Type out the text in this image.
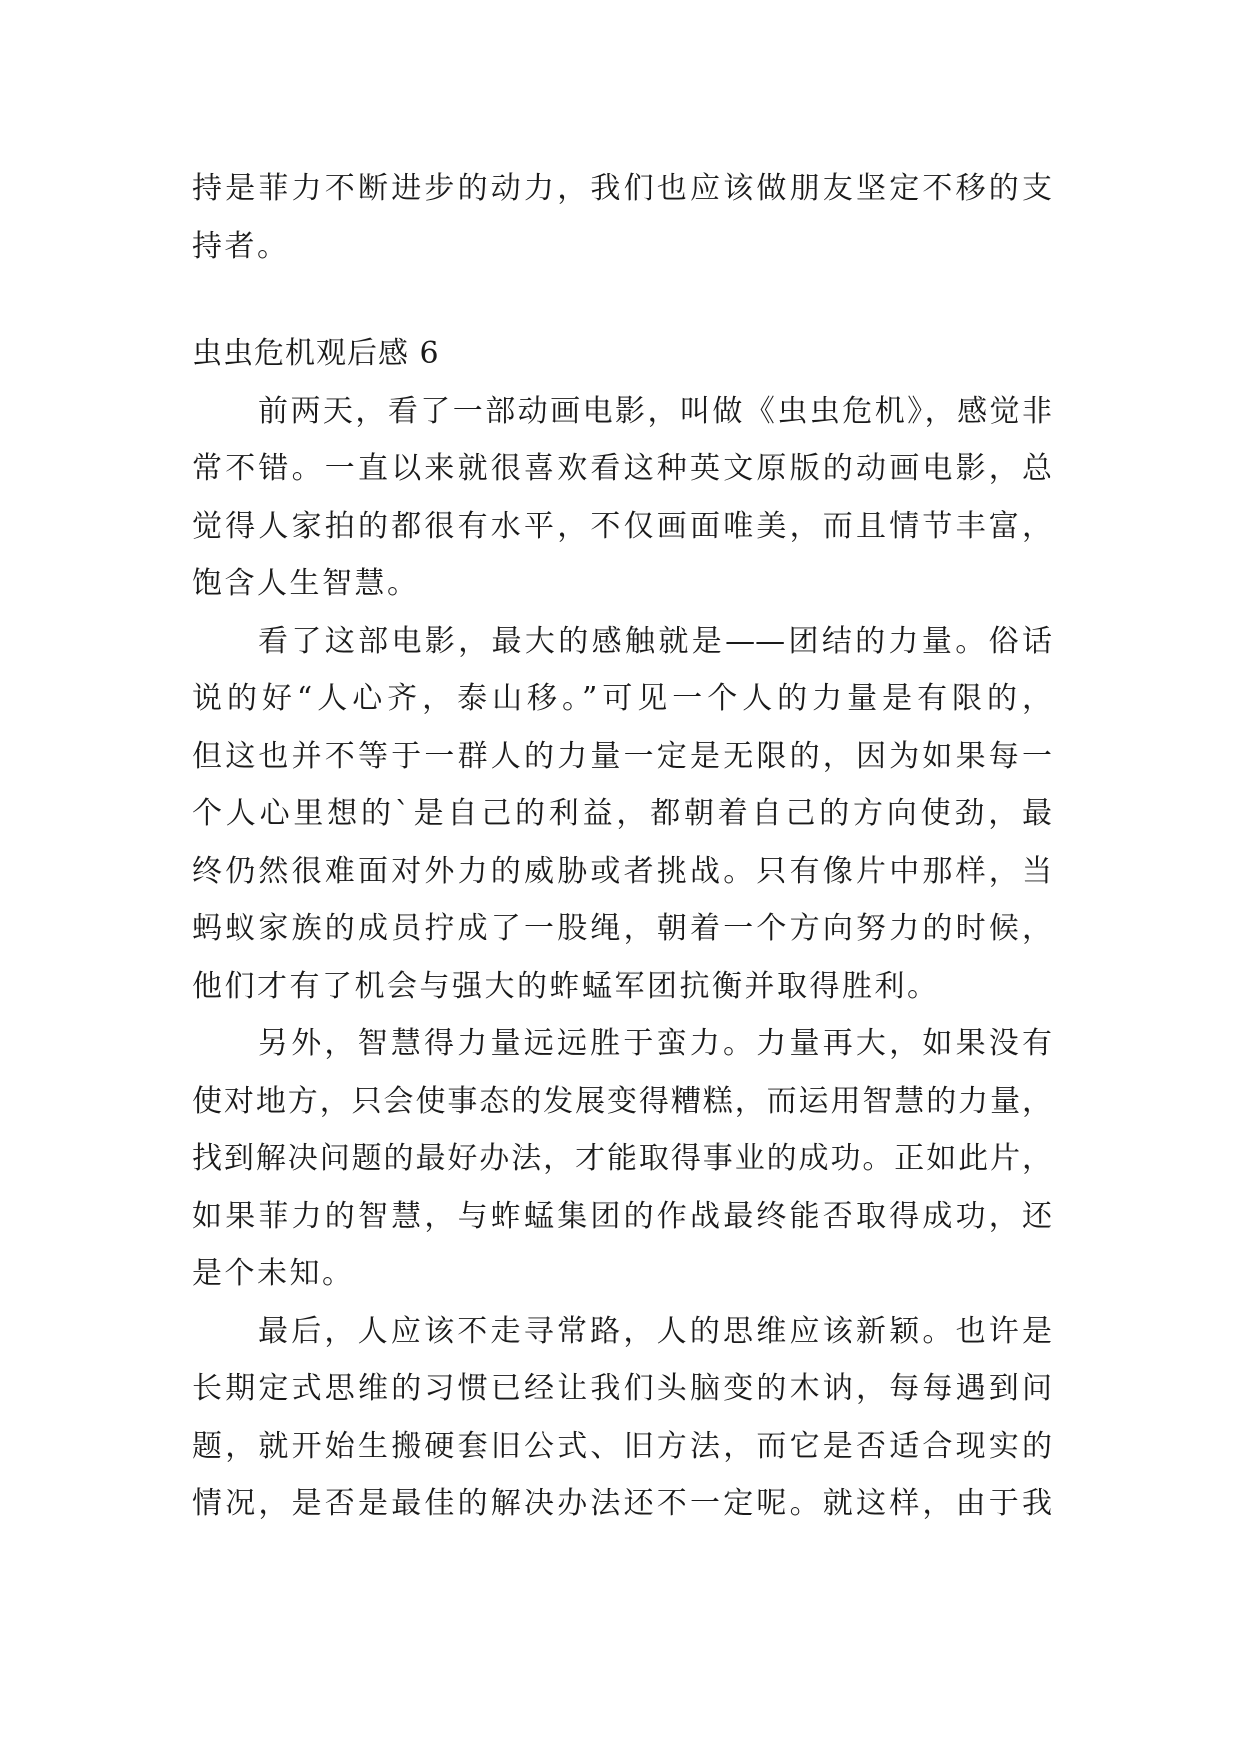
持是菲力不断进步的动力，我们也应该做朋友坚定不移的支
持者。
虫虫危机观后感 6
前两天，看了一部动画电影，叫做《虫虫危机》，感觉非
常不错。一直以来就很喜欢看这种英文原版的动画电影，总
觉得人家拍的都很有水平，不仅画面唯美，而且情节丰富，
饱含人生智慧。
看了这部电影，最大的感触就是——团结的力量。俗话
说的好“人心齐，泰山移。”可见一个人的力量是有限的，
但这也并不等于一群人的力量一定是无限的，因为如果每一
个人心里想的`是自己的利益，都朝着自己的方向使劲，最
终仍然很难面对外力的威胁或者挑战。只有像片中那样，当
蚂蚁家族的成员拧成了一股绳，朝着一个方向努力的时候，
他们才有了机会与强大的蚱蜢军团抗衡并取得胜利。
另外，智慧得力量远远胜于蛮力。力量再大，如果没有
使对地方，只会使事态的发展变得糟糕，而运用智慧的力量，
找到解决问题的最好办法，才能取得事业的成功。正如此片，
如果菲力的智慧，与蚱蜢集团的作战最终能否取得成功，还
是个未知。
最后，人应该不走寻常路，人的思维应该新颖。也许是
长期定式思维的习惯已经让我们头脑变的木讷，每每遇到问
题，就开始生搬硬套旧公式、旧方法，而它是否适合现实的
情况，是否是最佳的解决办法还不一定呢。就这样，由于我
